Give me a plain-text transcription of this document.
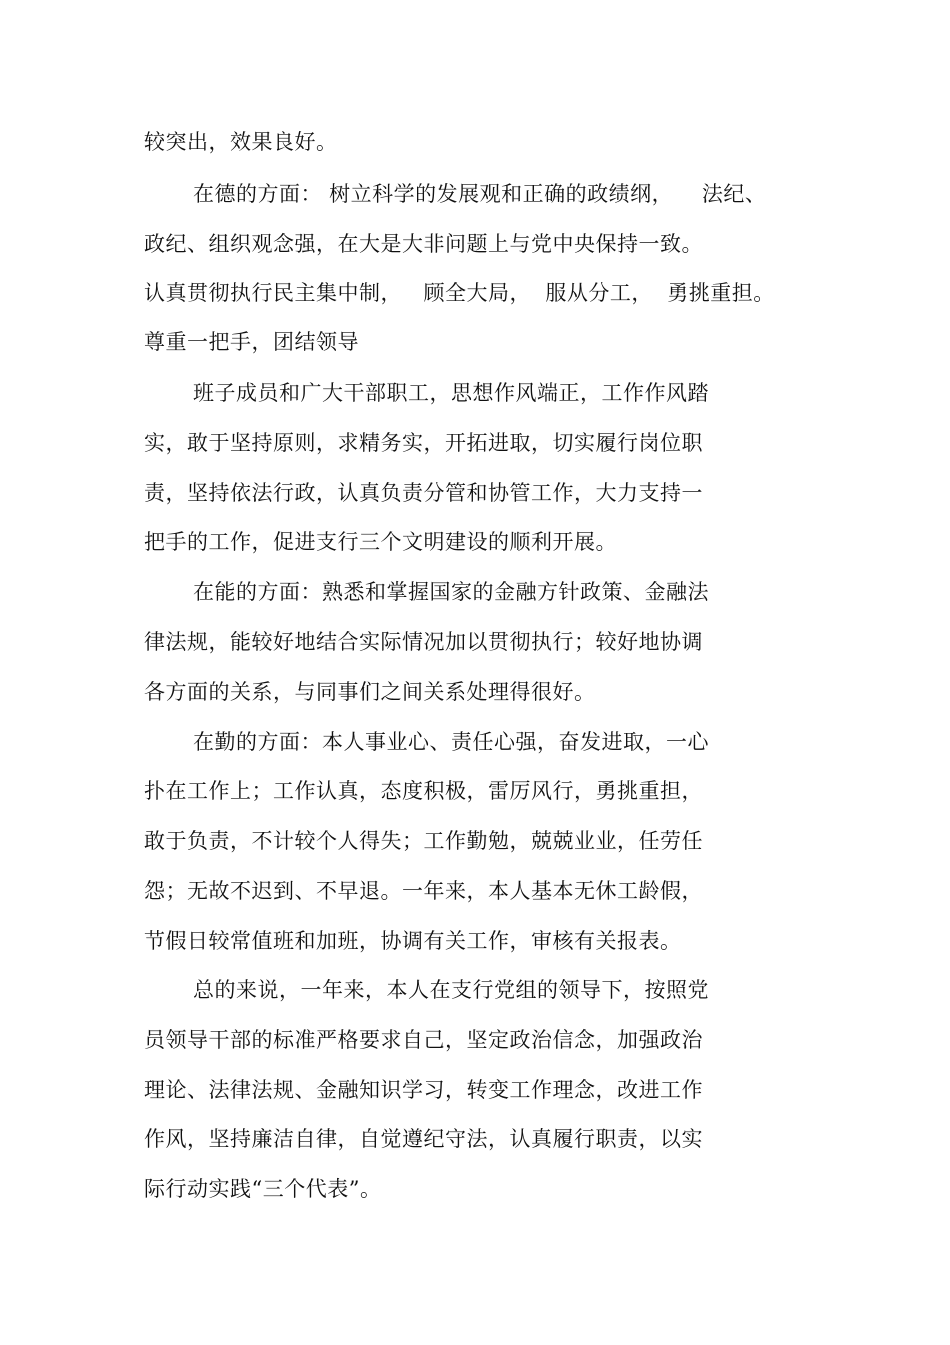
较突出，效果良好。
在德的方面： 树立科学的发展观和正确的政绩纲，    法纪、
政纪、组织观念强，在大是大非问题上与党中央保持一致。
认真贯彻执行民主集中制，   顾全大局，  服从分工，  勇挑重担。
尊重一把手，团结领导
班子成员和广大干部职工，思想作风端正，工作作风踏
实，敢于坚持原则，求精务实，开拓进取，切实履行岗位职
责，坚持依法行政，认真负责分管和协管工作，大力支持一
把手的工作，促进支行三个文明建设的顺利开展。
在能的方面：熟悉和掌握国家的金融方针政策、金融法
律法规，能较好地结合实际情况加以贯彻执行；较好地协调
各方面的关系，与同事们之间关系处理得很好。
在勤的方面：本人事业心、责任心强，奋发进取，一心
扑在工作上；工作认真，态度积极，雷厉风行，勇挑重担，
敢于负责，不计较个人得失；工作勤勉，兢兢业业，任劳任
怨；无故不迟到、不早退。一年来，本人基本无休工龄假，
节假日较常值班和加班，协调有关工作，审核有关报表。
总的来说，一年来，本人在支行党组的领导下，按照党
员领导干部的标准严格要求自己，坚定政治信念，加强政治
理论、法律法规、金融知识学习，转变工作理念，改进工作
作风，坚持廉洁自律，自觉遵纪守法，认真履行职责，以实
际行动实践“三个代表”。
